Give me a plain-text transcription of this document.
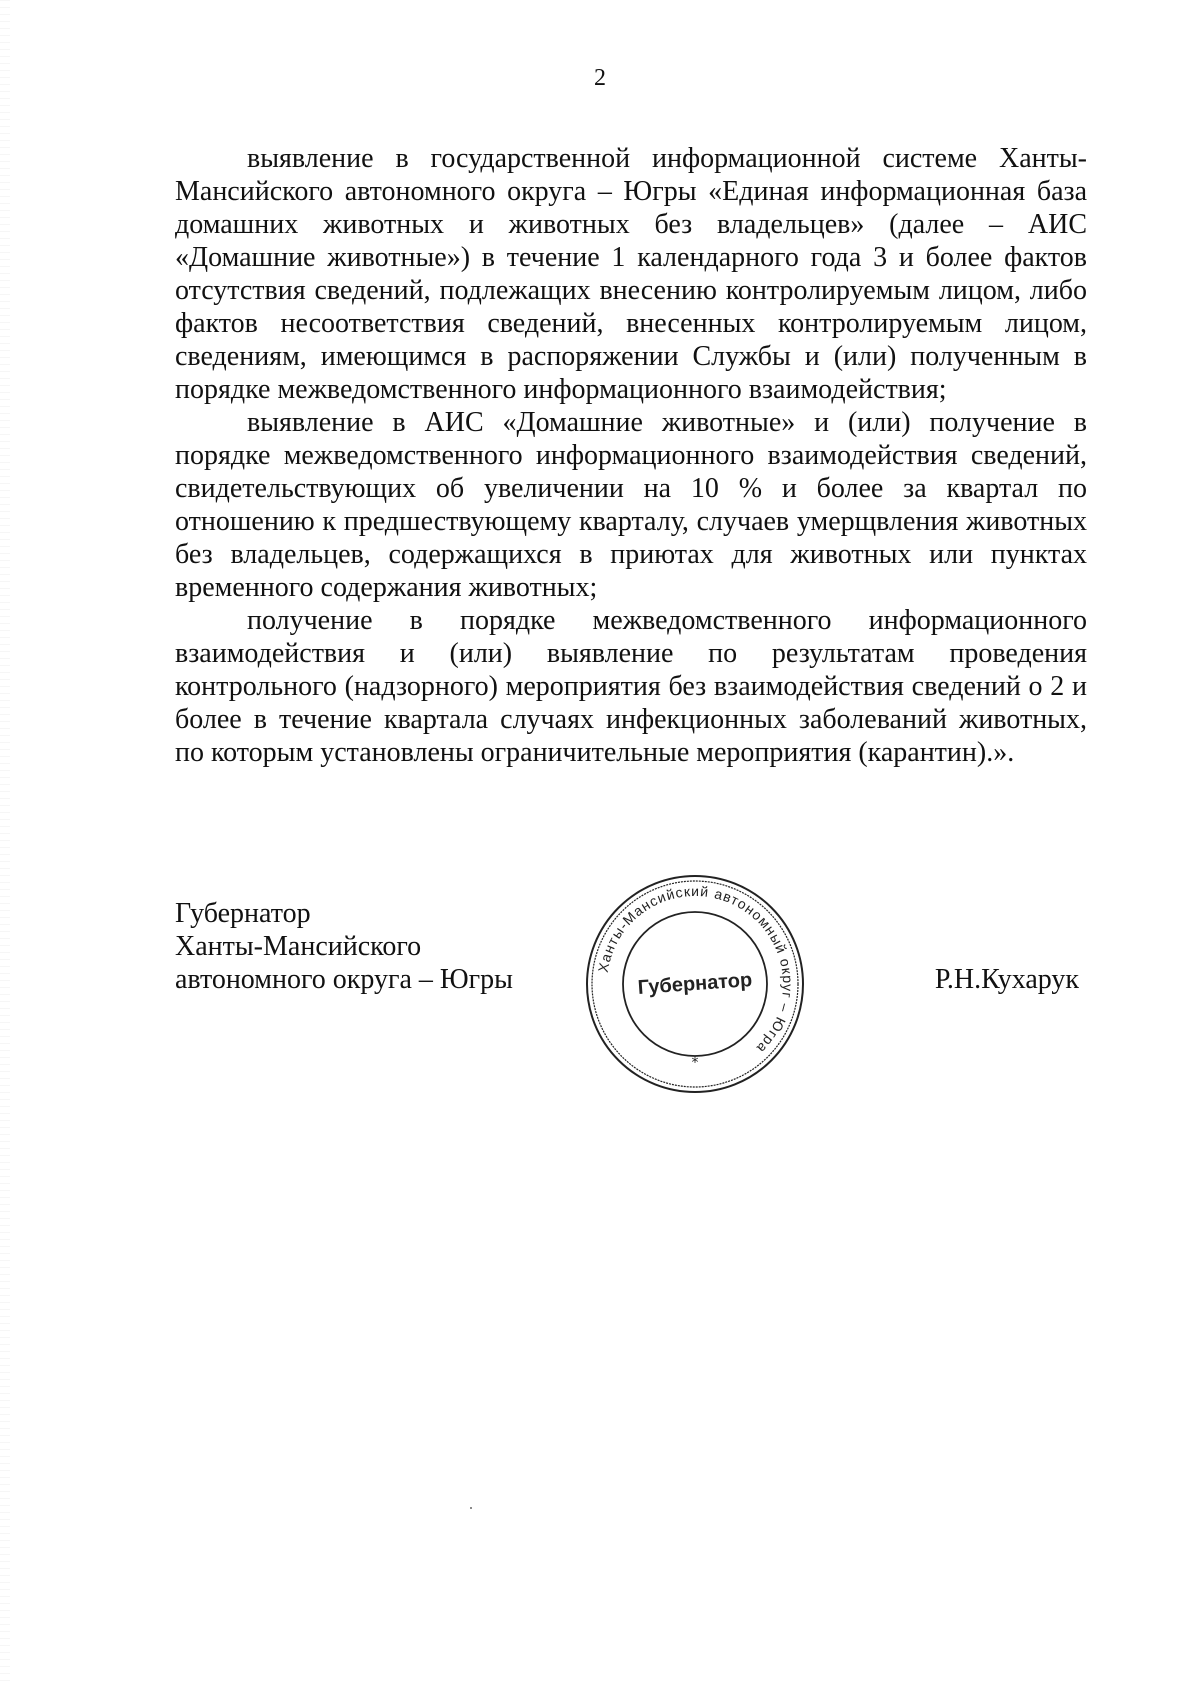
2

выявление в государственной информационной системе Ханты-Мансийского автономного округа – Югры «Единая информационная база домашних животных и животных без владельцев» (далее – АИС «Домашние животные») в течение 1 календарного года 3 и более фактов отсутствия сведений, подлежащих внесению контролируемым лицом, либо фактов несоответствия сведений, внесенных контролируемым лицом, сведениям, имеющимся в распоряжении Службы и (или) полученным в порядке межведомственного информационного взаимодействия;

выявление в АИС «Домашние животные» и (или) получение в порядке межведомственного информационного взаимодействия сведений, свидетельствующих об увеличении на 10 % и более за квартал по отношению к предшествующему кварталу, случаев умерщвления животных без владельцев, содержащихся в приютах для животных или пунктах временного содержания животных;

получение в порядке межведомственного информационного взаимодействия и (или) выявление по результатам проведения контрольного (надзорного) мероприятия без взаимодействия сведений о 2 и более в течение квартала случаях инфекционных заболеваний животных, по которым установлены ограничительные мероприятия (карантин).».

Губернатор
Ханты-Мансийского
автономного округа – Югры	Ханты-Мансийский автономный округ – Югра
Губернатор
*
Р.Н.Кухарук
